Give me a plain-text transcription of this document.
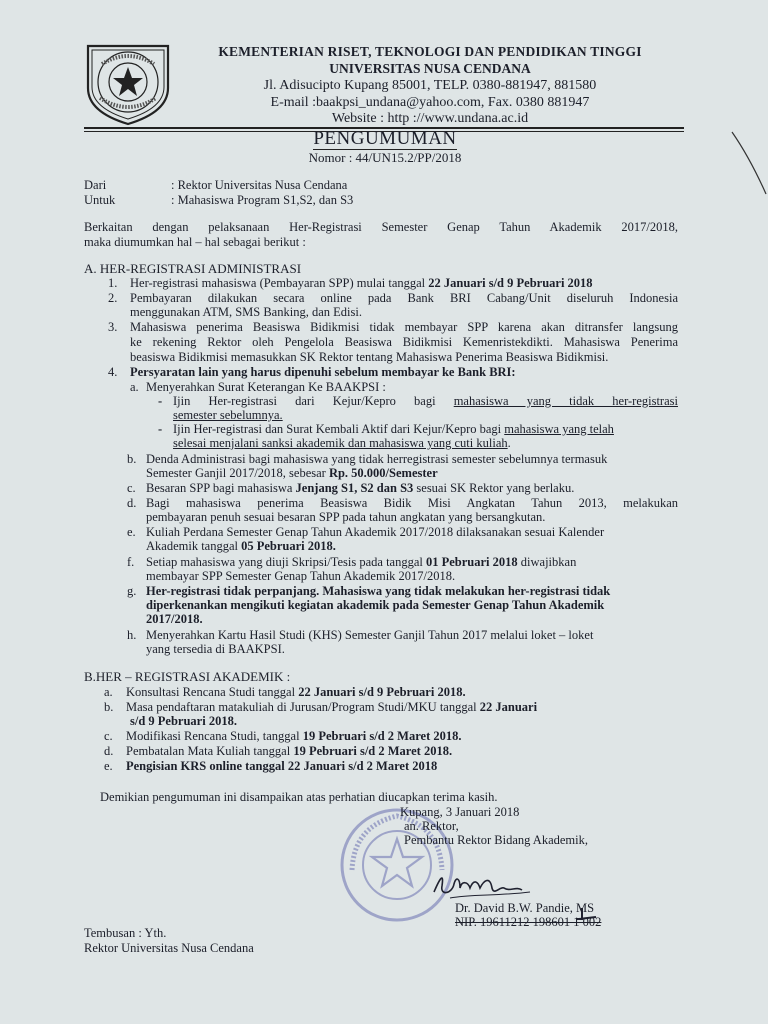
KEMENTERIAN RISET, TEKNOLOGI DAN PENDIDIKAN TINGGI
UNIVERSITAS NUSA CENDANA
Jl. Adisucipto Kupang 85001, TELP. 0380-881947, 881580
E-mail :baakpsi_undana@yahoo.com, Fax. 0380 881947
Website : http ://www.undana.ac.id
PENGUMUMAN
Nomor : 44/UN15.2/PP/2018
Dari	: Rektor Universitas Nusa Cendana
Untuk	: Mahasiswa Program S1,S2, dan S3
Berkaitan dengan pelaksanaan Her-Registrasi Semester Genap Tahun Akademik 2017/2018,
maka diumumkan hal – hal sebagai berikut :
A. HER-REGISTRASI ADMINISTRASI
1. Her-registrasi mahasiswa (Pembayaran SPP) mulai tanggal 22 Januari s/d 9 Pebruari 2018
2. Pembayaran dilakukan secara online pada Bank BRI Cabang/Unit diseluruh Indonesia
menggunakan ATM, SMS Banking, dan Edisi.
3. Mahasiswa penerima Beasiswa Bidikmisi tidak membayar SPP karena akan ditransfer langsung
ke rekening Rektor oleh Pengelola Beasiswa Bidikmisi Kemenristekdikti. Mahasiswa Penerima
beasiswa Bidikmisi memasukkan SK Rektor tentang Mahasiswa Penerima Beasiswa Bidikmisi.
4. Persyaratan lain yang harus dipenuhi sebelum membayar ke Bank BRI:
a. Menyerahkan Surat Keterangan Ke BAAKPSI :
- Ijin Her-registrasi dari Kejur/Kepro bagi mahasiswa yang tidak her-registrasi
semester sebelumnya.
- Ijin Her-registrasi dan Surat Kembali Aktif dari Kejur/Kepro bagi mahasiswa yang telah
selesai menjalani sanksi akademik dan mahasiswa yang cuti kuliah.
b. Denda Administrasi bagi mahasiswa yang tidak herregistrasi semester sebelumnya termasuk
Semester Ganjil 2017/2018, sebesar Rp. 50.000/Semester
c. Besaran SPP bagi mahasiswa Jenjang S1, S2 dan S3 sesuai SK Rektor yang berlaku.
d. Bagi mahasiswa penerima Beasiswa Bidik Misi Angkatan Tahun 2013, melakukan
pembayaran penuh sesuai besaran SPP pada tahun angkatan yang bersangkutan.
e. Kuliah Perdana Semester Genap Tahun Akademik 2017/2018 dilaksanakan sesuai Kalender
Akademik tanggal 05 Pebruari 2018.
f. Setiap mahasiswa yang diuji Skripsi/Tesis pada tanggal 01 Pebruari 2018 diwajibkan
membayar SPP Semester Genap Tahun Akademik 2017/2018.
g. Her-registrasi tidak perpanjang. Mahasiswa yang tidak melakukan her-registrasi tidak
diperkenankan mengikuti kegiatan akademik pada Semester Genap Tahun Akademik
2017/2018.
h. Menyerahkan Kartu Hasil Studi (KHS) Semester Ganjil Tahun 2017 melalui loket – loket
yang tersedia di BAAKPSI.
B.HER – REGISTRASI AKADEMIK :
a. Konsultasi Rencana Studi tanggal 22 Januari s/d 9 Pebruari 2018.
b. Masa pendaftaran matakuliah di Jurusan/Program Studi/MKU tanggal 22 Januari
s/d 9 Pebruari 2018.
c. Modifikasi Rencana Studi, tanggal 19 Pebruari s/d 2 Maret 2018.
d. Pembatalan Mata Kuliah tanggal 19 Pebruari s/d 2 Maret 2018.
e. Pengisian KRS online tanggal 22 Januari s/d 2 Maret 2018
Demikian pengumuman ini disampaikan atas perhatian diucapkan terima kasih.
Kupang, 3 Januari 2018
an. Rektor,
Pembantu Rektor Bidang Akademik,
Dr. David B.W. Pandie, MS
NIP. 19611212 198601 1 002
Tembusan : Yth.
Rektor Universitas Nusa Cendana
